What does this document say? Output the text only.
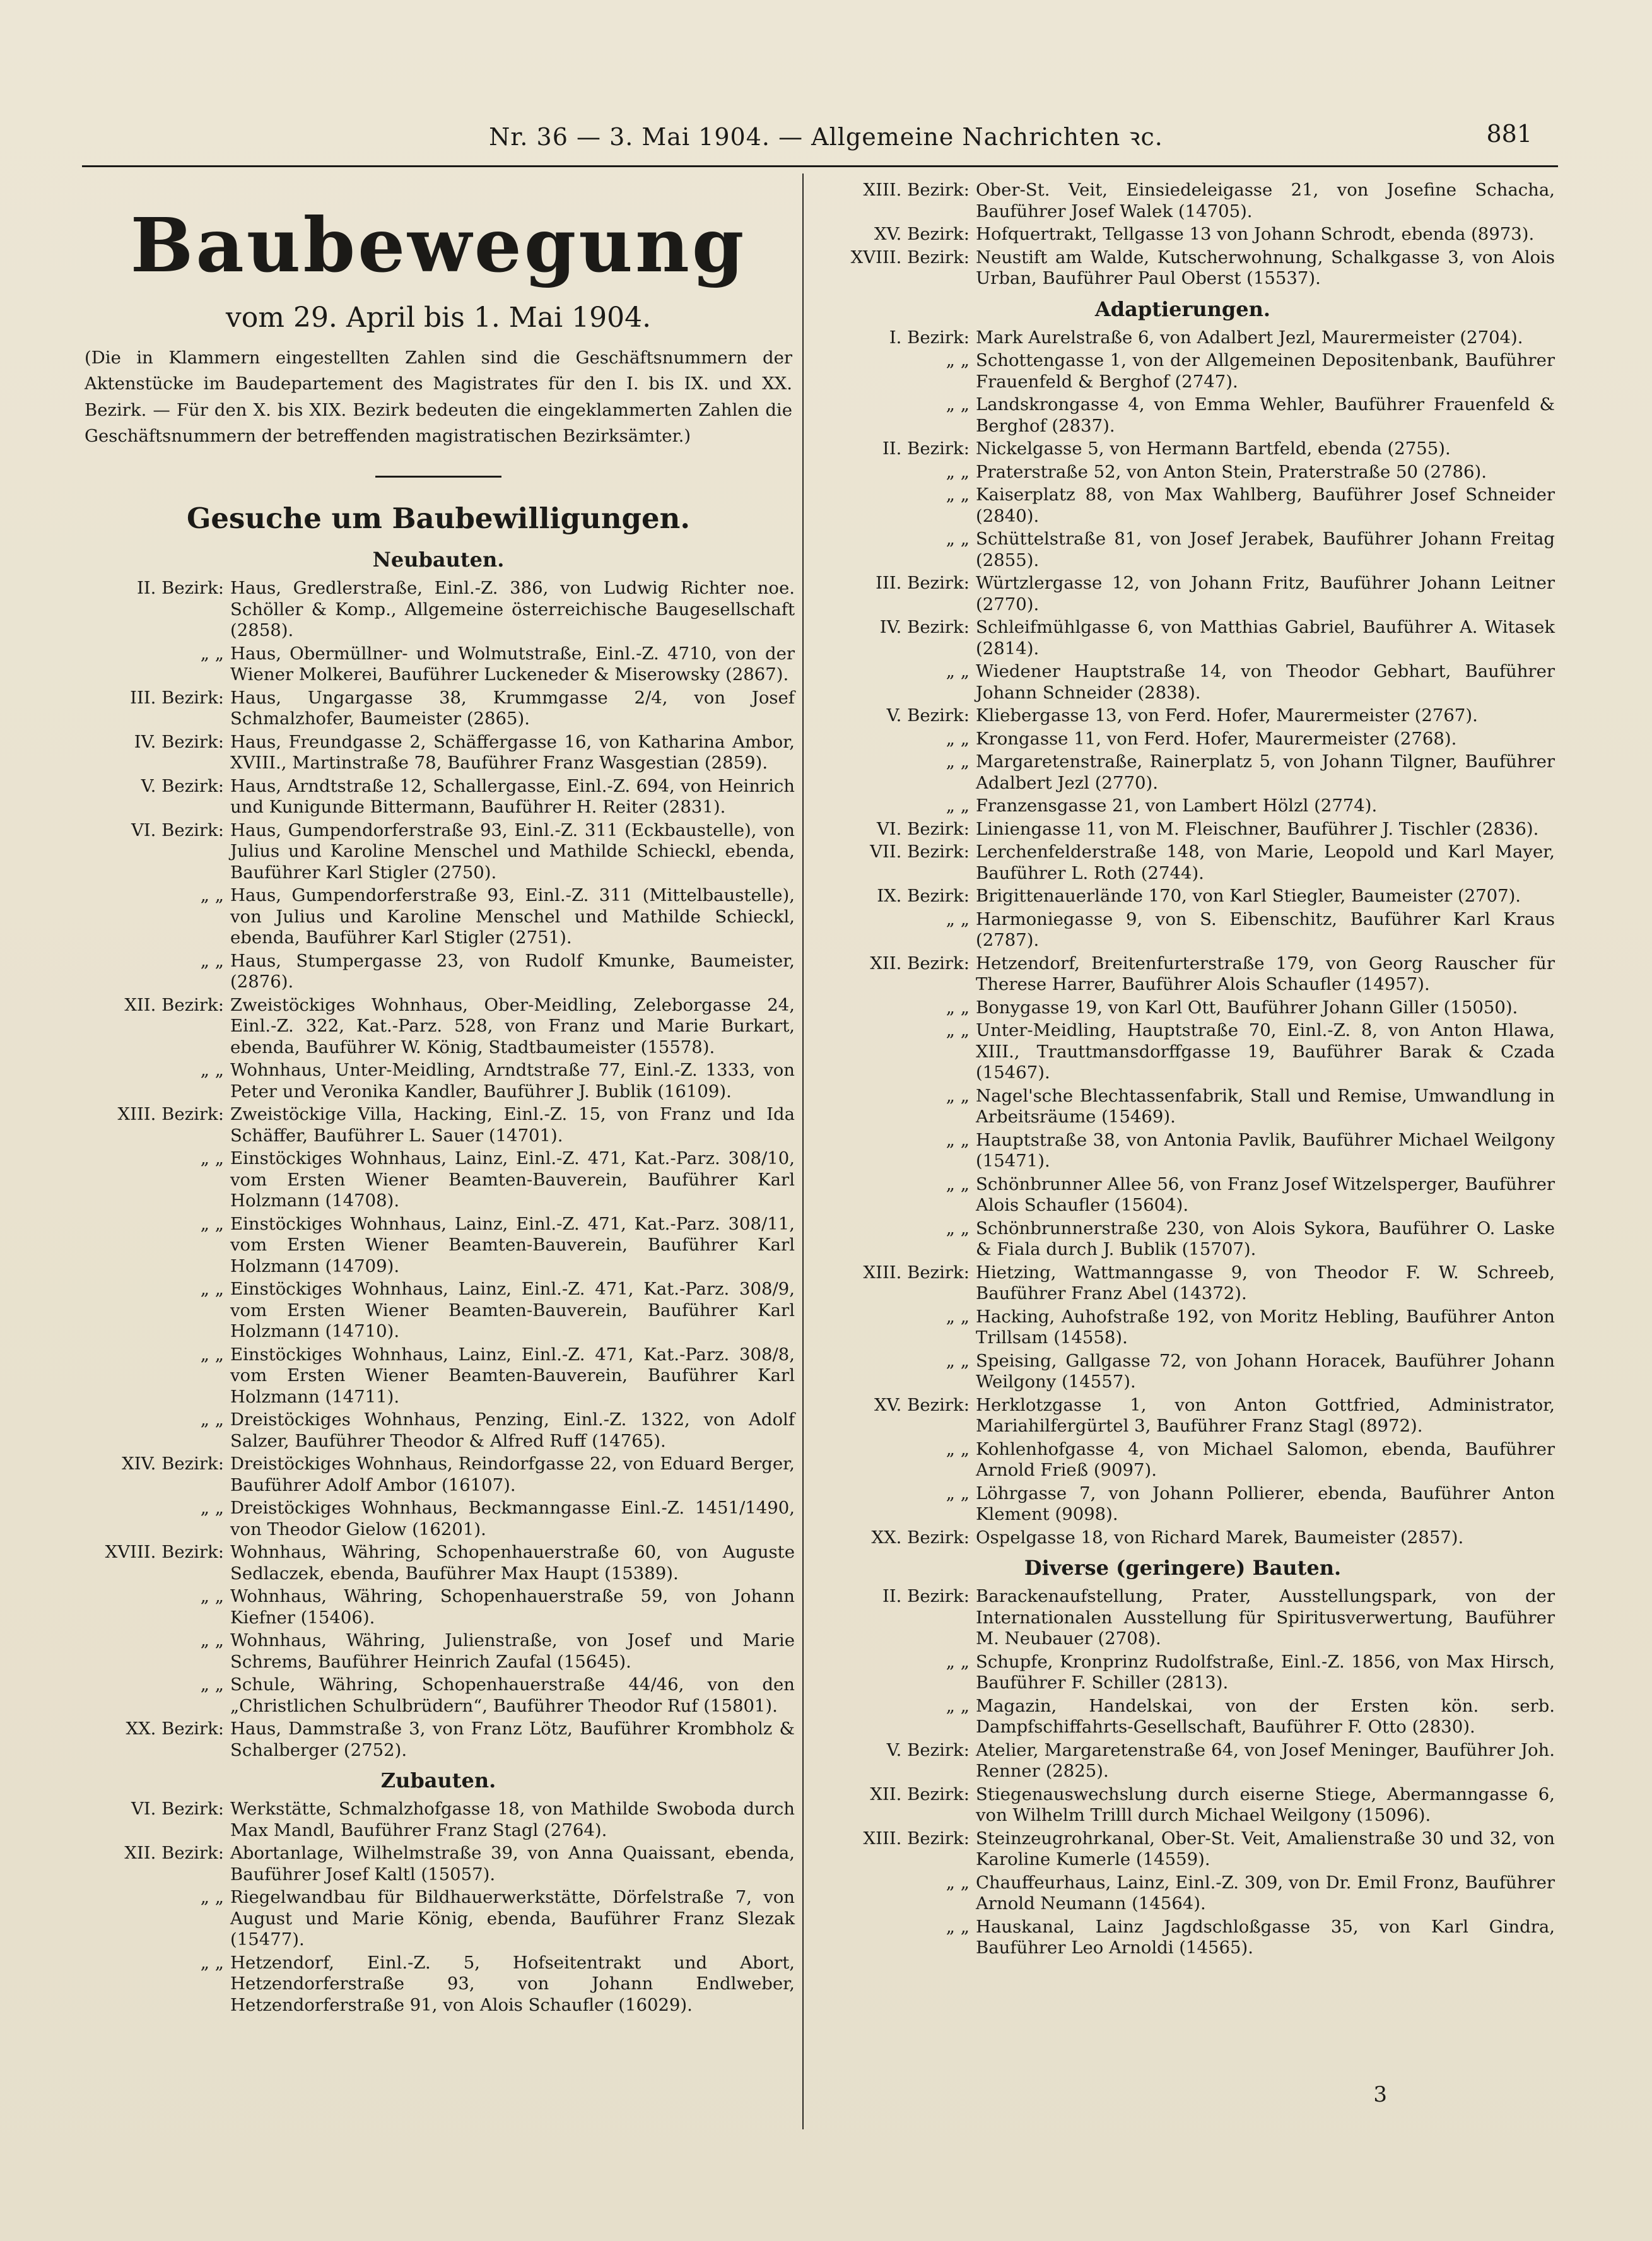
Nr. 36 — 3. Mai 1904. — Allgemeine Nachrichten ꝛc.	881
Baubewegung
vom 29. April bis 1. Mai 1904.
(Die in Klammern eingestellten Zahlen sind die Geschäftsnummern der Aktenstücke im Baudepartement des Magistrates für den I. bis IX. und XX. Bezirk. — Für den X. bis XIX. Bezirk bedeuten die eingeklammerten Zahlen die Geschäftsnummern der betreffenden magistratischen Bezirksämter.)
Gesuche um Baubewilligungen.
Neubauten.
II. Bezirk: Haus, Gredlerstraße, Einl.-Z. 386, von Ludwig Richter noe. Schöller & Komp., Allgemeine österreichische Baugesellschaft (2858).
„ „ Haus, Obermüllner- und Wolmutstraße, Einl.-Z. 4710, von der Wiener Molkerei, Bauführer Luckeneder & Miserowsky (2867).
III. Bezirk: Haus, Ungargasse 38, Krummgasse 2/4, von Josef Schmalzhofer, Baumeister (2865).
IV. Bezirk: Haus, Freundgasse 2, Schäffergasse 16, von Katharina Ambor, XVIII., Martinstraße 78, Bauführer Franz Wasgestian (2859).
V. Bezirk: Haus, Arndtstraße 12, Schallergasse, Einl.-Z. 694, von Heinrich und Kunigunde Bittermann, Bauführer H. Reiter (2831).
VI. Bezirk: Haus, Gumpendorferstraße 93, Einl.-Z. 311 (Eckbaustelle), von Julius und Karoline Menschel und Mathilde Schieckl, ebenda, Bauführer Karl Stigler (2750).
„ „ Haus, Gumpendorferstraße 93, Einl.-Z. 311 (Mittelbaustelle), von Julius und Karoline Menschel und Mathilde Schieckl, ebenda, Bauführer Karl Stigler (2751).
„ „ Haus, Stumpergasse 23, von Rudolf Kmunke, Baumeister, (2876).
XII. Bezirk: Zweistöckiges Wohnhaus, Ober-Meidling, Zeleborgasse 24, Einl.-Z. 322, Kat.-Parz. 528, von Franz und Marie Burkart, ebenda, Bauführer W. König, Stadtbaumeister (15578).
„ „ Wohnhaus, Unter-Meidling, Arndtstraße 77, Einl.-Z. 1333, von Peter und Veronika Kandler, Bauführer J. Bublik (16109).
XIII. Bezirk: Zweistöckige Villa, Hacking, Einl.-Z. 15, von Franz und Ida Schäffer, Bauführer L. Sauer (14701).
„ „ Einstöckiges Wohnhaus, Lainz, Einl.-Z. 471, Kat.-Parz. 308/10, vom Ersten Wiener Beamten-Bauverein, Bauführer Karl Holzmann (14708).
„ „ Einstöckiges Wohnhaus, Lainz, Einl.-Z. 471, Kat.-Parz. 308/11, vom Ersten Wiener Beamten-Bauverein, Bauführer Karl Holzmann (14709).
„ „ Einstöckiges Wohnhaus, Lainz, Einl.-Z. 471, Kat.-Parz. 308/9, vom Ersten Wiener Beamten-Bauverein, Bauführer Karl Holzmann (14710).
„ „ Einstöckiges Wohnhaus, Lainz, Einl.-Z. 471, Kat.-Parz. 308/8, vom Ersten Wiener Beamten-Bauverein, Bauführer Karl Holzmann (14711).
„ „ Dreistöckiges Wohnhaus, Penzing, Einl.-Z. 1322, von Adolf Salzer, Bauführer Theodor & Alfred Ruff (14765).
XIV. Bezirk: Dreistöckiges Wohnhaus, Reindorfgasse 22, von Eduard Berger, Bauführer Adolf Ambor (16107).
„ „ Dreistöckiges Wohnhaus, Beckmanngasse Einl.-Z. 1451/1490, von Theodor Gielow (16201).
XVIII. Bezirk: Wohnhaus, Währing, Schopenhauerstraße 60, von Auguste Sedlaczek, ebenda, Bauführer Max Haupt (15389).
„ „ Wohnhaus, Währing, Schopenhauerstraße 59, von Johann Kiefner (15406).
„ „ Wohnhaus, Währing, Julienstraße, von Josef und Marie Schrems, Bauführer Heinrich Zaufal (15645).
„ „ Schule, Währing, Schopenhauerstraße 44/46, von den „Christlichen Schulbrüdern“, Bauführer Theodor Ruf (15801).
XX. Bezirk: Haus, Dammstraße 3, von Franz Lötz, Bauführer Krombholz & Schalberger (2752).
Zubauten.
VI. Bezirk: Werkstätte, Schmalzhofgasse 18, von Mathilde Swoboda durch Max Mandl, Bauführer Franz Stagl (2764).
XII. Bezirk: Abortanlage, Wilhelmstraße 39, von Anna Quaissant, ebenda, Bauführer Josef Kaltl (15057).
„ „ Riegelwandbau für Bildhauerwerkstätte, Dörfelstraße 7, von August und Marie König, ebenda, Bauführer Franz Slezak (15477).
„ „ Hetzendorf, Einl.-Z. 5, Hofseitentrakt und Abort, Hetzendorferstraße 93, von Johann Endlweber, Hetzendorferstraße 91, von Alois Schaufler (16029).
XIII. Bezirk: Ober-St. Veit, Einsiedeleigasse 21, von Josefine Schacha, Bauführer Josef Walek (14705).
XV. Bezirk: Hofquertrakt, Tellgasse 13 von Johann Schrodt, ebenda (8973).
XVIII. Bezirk: Neustift am Walde, Kutscherwohnung, Schalkgasse 3, von Alois Urban, Bauführer Paul Oberst (15537).
Adaptierungen.
I. Bezirk: Mark Aurelstraße 6, von Adalbert Jezl, Maurermeister (2704).
„ „ Schottengasse 1, von der Allgemeinen Depositenbank, Bauführer Frauenfeld & Berghof (2747).
„ „ Landskrongasse 4, von Emma Wehler, Bauführer Frauenfeld & Berghof (2837).
II. Bezirk: Nickelgasse 5, von Hermann Bartfeld, ebenda (2755).
„ „ Praterstraße 52, von Anton Stein, Praterstraße 50 (2786).
„ „ Kaiserplatz 88, von Max Wahlberg, Bauführer Josef Schneider (2840).
„ „ Schüttelstraße 81, von Josef Jerabek, Bauführer Johann Freitag (2855).
III. Bezirk: Würtzlergasse 12, von Johann Fritz, Bauführer Johann Leitner (2770).
IV. Bezirk: Schleifmühlgasse 6, von Matthias Gabriel, Bauführer A. Witasek (2814).
„ „ Wiedener Hauptstraße 14, von Theodor Gebhart, Bauführer Johann Schneider (2838).
V. Bezirk: Kliebergasse 13, von Ferd. Hofer, Maurermeister (2767).
„ „ Krongasse 11, von Ferd. Hofer, Maurermeister (2768).
„ „ Margaretenstraße, Rainerplatz 5, von Johann Tilgner, Bauführer Adalbert Jezl (2770).
„ „ Franzensgasse 21, von Lambert Hölzl (2774).
VI. Bezirk: Liniengasse 11, von M. Fleischner, Bauführer J. Tischler (2836).
VII. Bezirk: Lerchenfelderstraße 148, von Marie, Leopold und Karl Mayer, Bauführer L. Roth (2744).
IX. Bezirk: Brigittenauerlände 170, von Karl Stiegler, Baumeister (2707).
„ „ Harmoniegasse 9, von S. Eibenschitz, Bauführer Karl Kraus (2787).
XII. Bezirk: Hetzendorf, Breitenfurterstraße 179, von Georg Rauscher für Therese Harrer, Bauführer Alois Schaufler (14957).
„ „ Bonygasse 19, von Karl Ott, Bauführer Johann Giller (15050).
„ „ Unter-Meidling, Hauptstraße 70, Einl.-Z. 8, von Anton Hlawa, XIII., Trauttmansdorffgasse 19, Bauführer Barak & Czada (15467).
„ „ Nagel'sche Blechtassenfabrik, Stall und Remise, Umwandlung in Arbeitsräume (15469).
„ „ Hauptstraße 38, von Antonia Pavlik, Bauführer Michael Weilgony (15471).
„ „ Schönbrunner Allee 56, von Franz Josef Witzelsperger, Bauführer Alois Schaufler (15604).
„ „ Schönbrunnerstraße 230, von Alois Sykora, Bauführer O. Laske & Fiala durch J. Bublik (15707).
XIII. Bezirk: Hietzing, Wattmanngasse 9, von Theodor F. W. Schreeb, Bauführer Franz Abel (14372).
„ „ Hacking, Auhofstraße 192, von Moritz Hebling, Bauführer Anton Trillsam (14558).
„ „ Speising, Gallgasse 72, von Johann Horacek, Bauführer Johann Weilgony (14557).
XV. Bezirk: Herklotzgasse 1, von Anton Gottfried, Administrator, Mariahilfergürtel 3, Bauführer Franz Stagl (8972).
„ „ Kohlenhofgasse 4, von Michael Salomon, ebenda, Bauführer Arnold Frieß (9097).
„ „ Löhrgasse 7, von Johann Pollierer, ebenda, Bauführer Anton Klement (9098).
XX. Bezirk: Ospelgasse 18, von Richard Marek, Baumeister (2857).
Diverse (geringere) Bauten.
II. Bezirk: Barackenaufstellung, Prater, Ausstellungspark, von der Internationalen Ausstellung für Spiritusverwertung, Bauführer M. Neubauer (2708).
„ „ Schupfe, Kronprinz Rudolfstraße, Einl.-Z. 1856, von Max Hirsch, Bauführer F. Schiller (2813).
„ „ Magazin, Handelskai, von der Ersten kön. serb. Dampfschiffahrts-Gesellschaft, Bauführer F. Otto (2830).
V. Bezirk: Atelier, Margaretenstraße 64, von Josef Meninger, Bauführer Joh. Renner (2825).
XII. Bezirk: Stiegenauswechslung durch eiserne Stiege, Abermanngasse 6, von Wilhelm Trilll durch Michael Weilgony (15096).
XIII. Bezirk: Steinzeugrohrkanal, Ober-St. Veit, Amalienstraße 30 und 32, von Karoline Kumerle (14559).
„ „ Chauffeurhaus, Lainz, Einl.-Z. 309, von Dr. Emil Fronz, Bauführer Arnold Neumann (14564).
„ „ Hauskanal, Lainz Jagdschloßgasse 35, von Karl Gindra, Bauführer Leo Arnoldi (14565).
3
